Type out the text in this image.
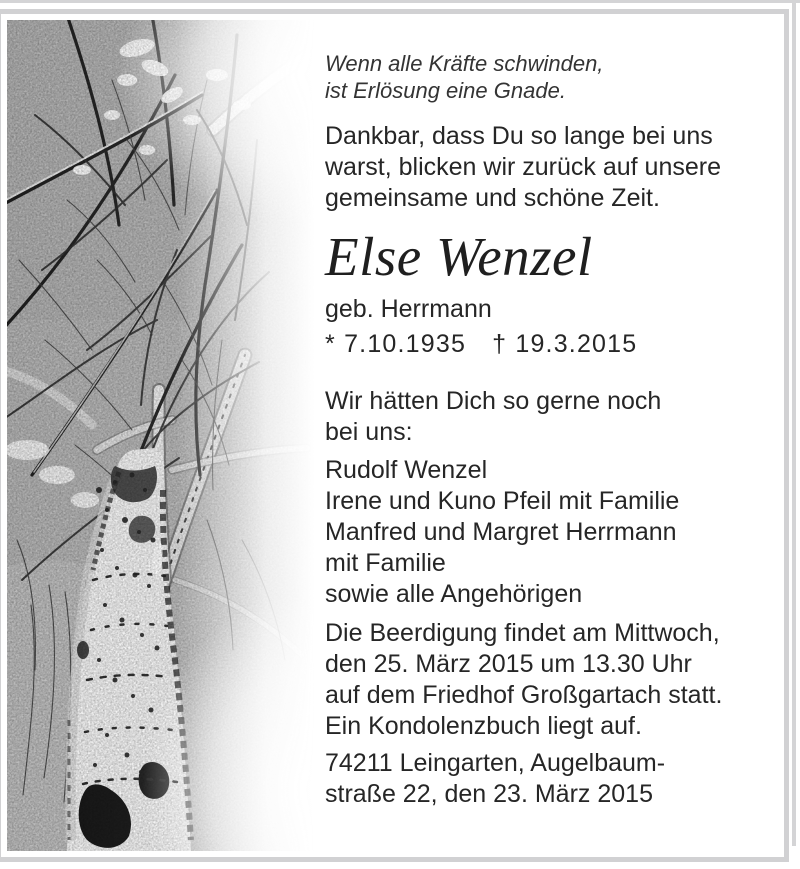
Wenn alle Kräfte schwinden,
ist Erlösung eine Gnade.

Dankbar, dass Du so lange bei uns
warst, blicken wir zurück auf unsere
gemeinsame und schöne Zeit.

Else Wenzel

geb. Herrmann

* 7.10.1935 † 19.3.2015

Wir hätten Dich so gerne noch
bei uns:

Rudolf Wenzel
Irene und Kuno Pfeil mit Familie
Manfred und Margret Herrmann
mit Familie
sowie alle Angehörigen

Die Beerdigung findet am Mittwoch,
den 25. März 2015 um 13.30 Uhr
auf dem Friedhof Großgartach statt.
Ein Kondolenzbuch liegt auf.

74211 Leingarten, Augelbaum-
straße 22, den 23. März 2015
